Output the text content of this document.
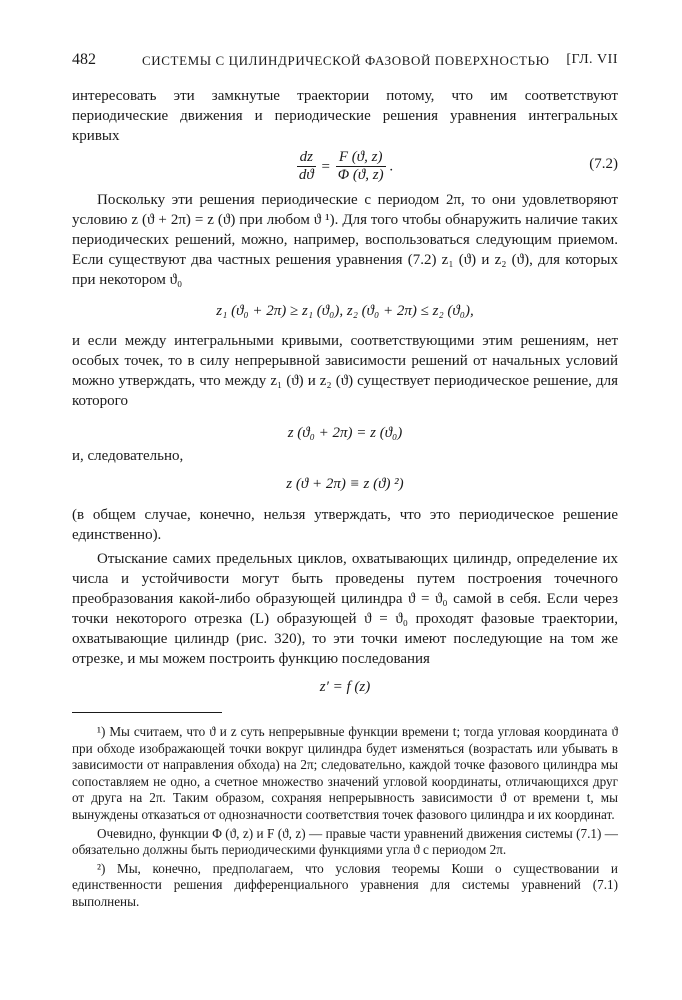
482	СИСТЕМЫ С ЦИЛИНДРИЧЕСКОЙ ФАЗОВОЙ ПОВЕРХНОСТЬЮ [ГЛ. VII

интересовать эти замкнутые траектории потому, что им соответствуют периодические движения и периодические решения уравнения интегральных кривых

$\frac{dz}{dϑ} = \frac{F (ϑ, z)}{\Phi (ϑ, z)}$ .	(7.2)

Поскольку эти решения периодические с периодом 2π, то они удовлетворяют условию z (ϑ + 2π) = z (ϑ) при любом ϑ ¹). Для того чтобы обнаружить наличие таких периодических решений, можно, например, воспользоваться следующим приемом. Если существуют два частных решения уравнения (7.2) z₁ (ϑ) и z₂ (ϑ), для которых при некотором ϑ₀

z₁ (ϑ₀ + 2π) ≥ z₁ (ϑ₀), z₂ (ϑ₀ + 2π) ≤ z₂ (ϑ₀),

и если между интегральными кривыми, соответствующими этим решениям, нет особых точек, то в силу непрерывной зависимости решений от начальных условий можно утверждать, что между z₁ (ϑ) и z₂ (ϑ) существует периодическое решение, для которого

z (ϑ₀ + 2π) = z (ϑ₀)

и, следовательно,

z (ϑ + 2π) ≡ z (ϑ) ²)

(в общем случае, конечно, нельзя утверждать, что это периодическое решение единственно).

Отыскание самих предельных циклов, охватывающих цилиндр, определение их числа и устойчивости могут быть проведены путем построения точечного преобразования какой-либо образующей цилиндра ϑ = ϑ₀ самой в себя. Если через точки некоторого отрезка (L) образующей ϑ = ϑ₀ проходят фазовые траектории, охватывающие цилиндр (рис. 320), то эти точки имеют последующие на том же отрезке, и мы можем построить функцию последования

z′ = f (z)

¹) Мы считаем, что ϑ и z суть непрерывные функции времени t; тогда угловая координата ϑ при обходе изображающей точки вокруг цилиндра будет изменяться (возрастать или убывать в зависимости от направления обхода) на 2π; следовательно, каждой точке фазового цилиндра мы сопоставляем не одно, а счетное множество значений угловой координаты, отличающихся друг от друга на 2π. Таким образом, сохраняя непрерывность зависимости ϑ от времени t, мы вынуждены отказаться от однозначности соответствия точек фазового цилиндра и их координат.

Очевидно, функции Φ (ϑ, z) и F (ϑ, z) — правые части уравнений движения системы (7.1) — обязательно должны быть периодическими функциями угла ϑ с периодом 2π.

²) Мы, конечно, предполагаем, что условия теоремы Коши о существовании и единственности решения дифференциального уравнения для системы уравнений (7.1) выполнены.
